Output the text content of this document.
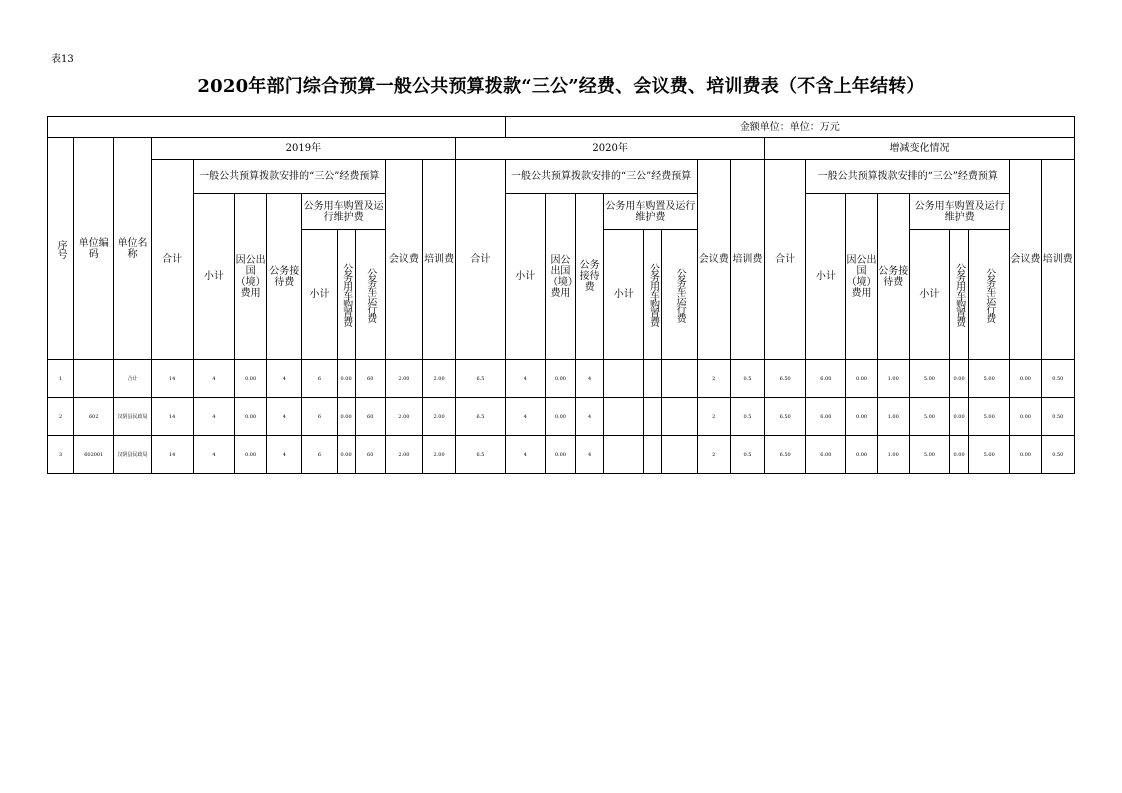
表13
2020年部门综合预算一般公共预算拨款“三公”经费、会议费、培训费表（不含上年结转）
													金额单位：单位：万元																
序号	单位编码	单位名称	2019年									2020年									增减变化情况								
			合计	一般公共预算拨款安排的“三公”经费预算						会议费	培训费	合计	一般公共预算拨款安排的“三公”经费预算						会议费	培训费	合计	一般公共预算拨款安排的“三公”经费预算						会议费	培训费
				小计	因公出国（境）费用	公务接待费	公务用车购置及运行维护费						小计	因公出国（境）费用	公务接待费	公务用车购置及运行维护费						小计	因公出国（境）费用	公务接待费	公务用车购置及运行维护费				
							小计	公务用车购置费	公务车运行费							小计	公务用车购置费	公务车运行费							小计	公务用车购置费	公务车运行费		

1		合计	14	4	0.00	4	6	0.00	60	2.00	2.00	6.5	4	0.00	4				2	0.5	6.50	6.00	0.00	1.00	5.00	0.00	5.00	0.00	0.50
2	602	汉阴县民政局	14	4	0.00	4	6	0.00	60	2.00	2.00	6.5	4	0.00	4				2	0.5	6.50	6.00	0.00	1.00	5.00	0.00	5.00	0.00	0.50
3	602001	汉阴县民政局	14	4	0.00	4	6	0.00	60	2.00	2.00	6.5	4	0.00	4				2	0.5	6.50	6.00	0.00	1.00	5.00	0.00	5.00	0.00	0.50
